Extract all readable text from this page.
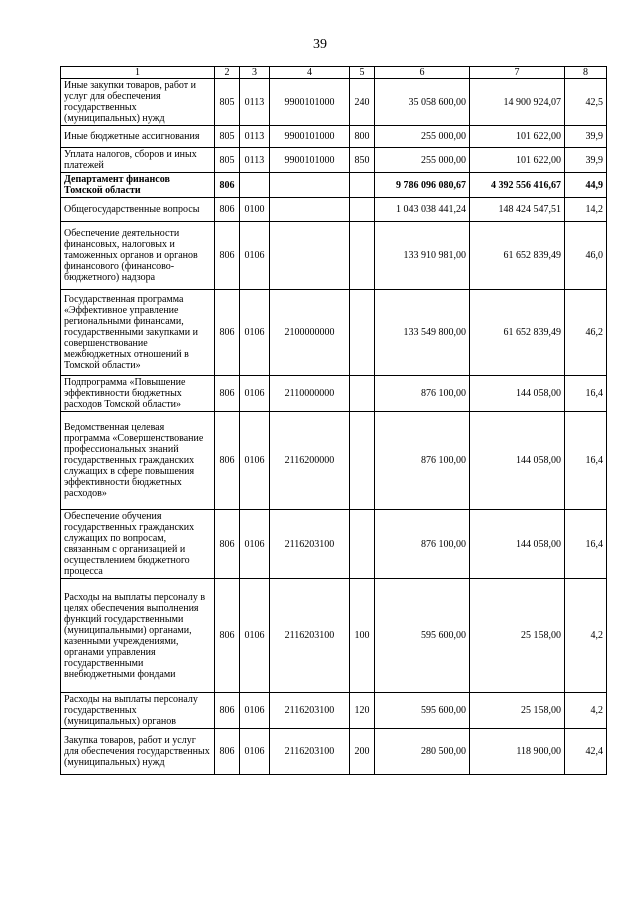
39
1	2	3	4	5	6	7	8
Иные закупки товаров, работ и услуг для обеспечения государственных (муниципальных) нужд	805	0113	9900101000	240	35 058 600,00	14 900 924,07	42,5
Иные бюджетные ассигнования	805	0113	9900101000	800	255 000,00	101 622,00	39,9
Уплата налогов, сборов и иных платежей	805	0113	9900101000	850	255 000,00	101 622,00	39,9
Департамент финансов Томской области	806				9 786 096 080,67	4 392 556 416,67	44,9
Общегосударственные вопросы	806	0100			1 043 038 441,24	148 424 547,51	14,2
Обеспечение деятельности финансовых, налоговых и таможенных органов и органов финансового (финансово-бюджетного) надзора	806	0106			133 910 981,00	61 652 839,49	46,0
Государственная программа «Эффективное управление региональными финансами, государственными закупками и совершенствование межбюджетных отношений в Томской области»	806	0106	2100000000		133 549 800,00	61 652 839,49	46,2
Подпрограмма «Повышение эффективности бюджетных расходов Томской области»	806	0106	2110000000		876 100,00	144 058,00	16,4
Ведомственная целевая программа «Совершенствование профессиональных знаний государственных гражданских служащих в сфере повышения эффективности бюджетных расходов»	806	0106	2116200000		876 100,00	144 058,00	16,4
Обеспечение обучения государственных гражданских служащих по вопросам, связанным с организацией и осуществлением бюджетного процесса	806	0106	2116203100		876 100,00	144 058,00	16,4
Расходы на выплаты персоналу в целях обеспечения выполнения функций государственными (муниципальными) органами, казенными учреждениями, органами управления государственными внебюджетными фондами	806	0106	2116203100	100	595 600,00	25 158,00	4,2
Расходы на выплаты персоналу государственных (муниципальных) органов	806	0106	2116203100	120	595 600,00	25 158,00	4,2
Закупка товаров, работ и услуг для обеспечения государственных (муниципальных) нужд	806	0106	2116203100	200	280 500,00	118 900,00	42,4
